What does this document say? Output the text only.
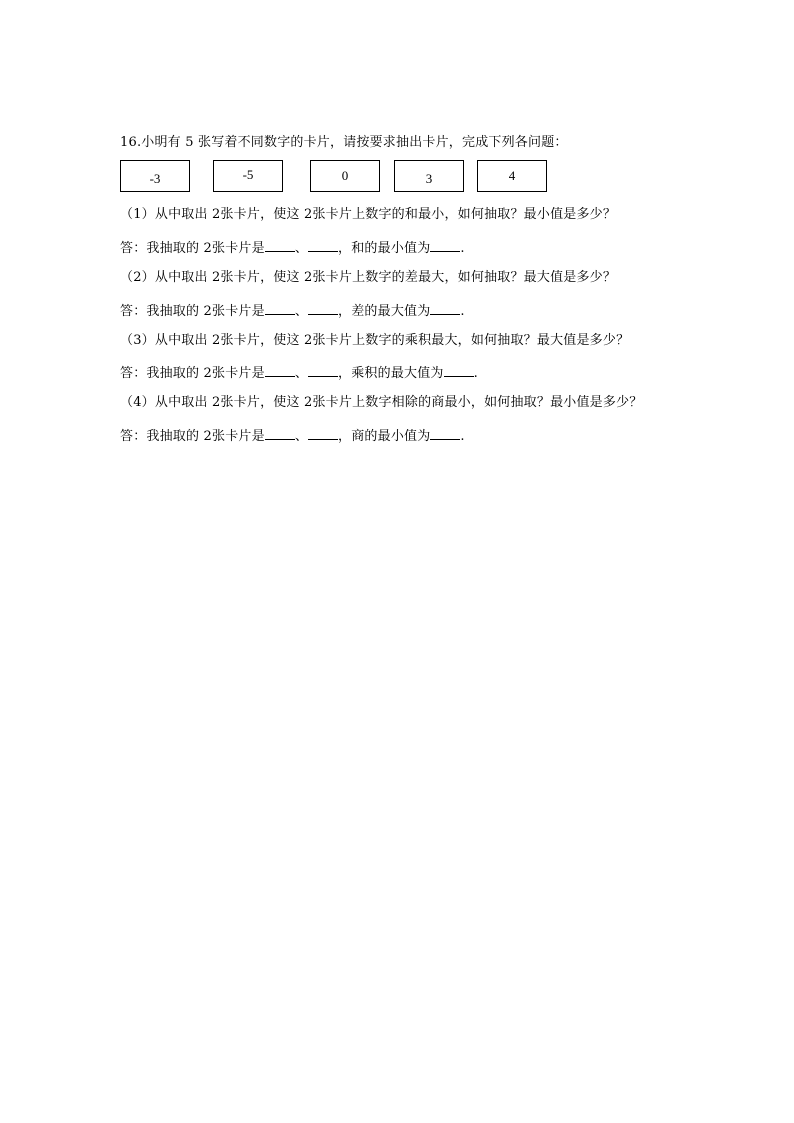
16.小明有 5 张写着不同数字的卡片，请按要求抽出卡片，完成下列各问题：
-3	-5	0	3	4
（1）从中取出 2张卡片，使这 2张卡片上数字的和最小，如何抽取？最小值是多少？
答：我抽取的 2张卡片是 、 ，和的最小值为 .
（2）从中取出 2张卡片，使这 2张卡片上数字的差最大，如何抽取？最大值是多少？
答：我抽取的 2张卡片是 、 ，差的最大值为 .
（3）从中取出 2张卡片，使这 2张卡片上数字的乘积最大，如何抽取？最大值是多少？
答：我抽取的 2张卡片是 、 ，乘积的最大值为 .
（4）从中取出 2张卡片，使这 2张卡片上数字相除的商最小，如何抽取？最小值是多少？
答：我抽取的 2张卡片是 、 ，商的最小值为 .
